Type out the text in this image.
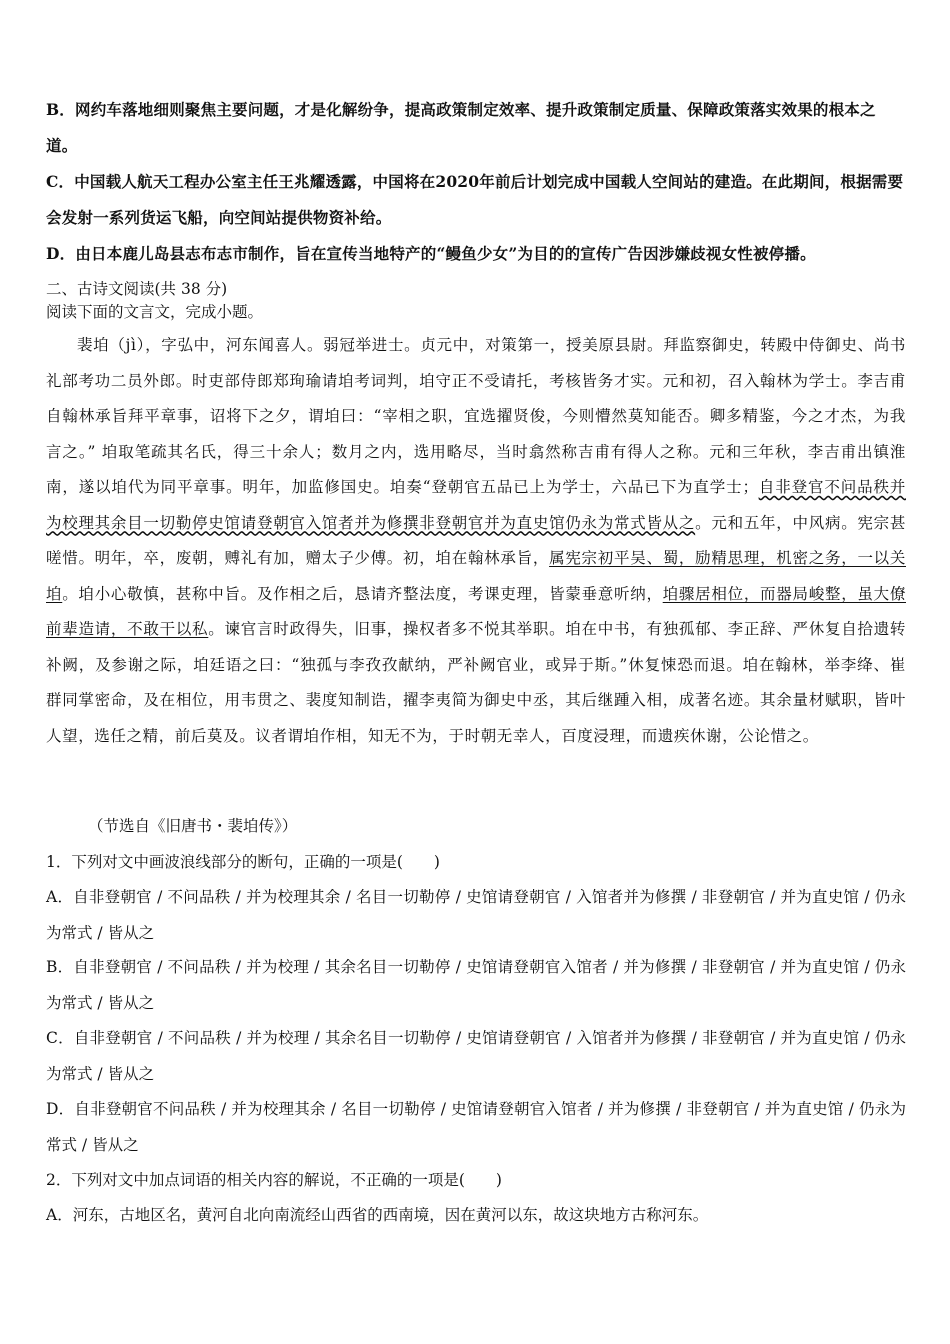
B．网约车落地细则聚焦主要问题，才是化解纷争，提高政策制定效率、提升政策制定质量、保障政策落实效果的根本之道。
C．中国载人航天工程办公室主任王兆耀透露，中国将在2020年前后计划完成中国载人空间站的建造。在此期间，根据需要会发射一系列货运飞船，向空间站提供物资补给。
D．由日本鹿儿岛县志布志市制作，旨在宣传当地特产的“鳗鱼少女”为目的的宣传广告因涉嫌歧视女性被停播。
二、古诗文阅读(共 38 分)
阅读下面的文言文，完成小题。
裴垍（jì），字弘中，河东闻喜人。弱冠举进士。贞元中，对策第一，授美原县尉。拜监察御史，转殿中侍御史、尚书礼部考功二员外郎。时吏部侍郎郑珣瑜请垍考词判，垍守正不受请托，考核皆务才实。元和初，召入翰林为学士。李吉甫自翰林承旨拜平章事，诏将下之夕，谓垍曰：“宰相之职，宜选擢贤俊，今则懵然莫知能否。卿多精鉴，今之才杰，为我言之。” 垍取笔疏其名氏，得三十余人；数月之内，选用略尽，当时翕然称吉甫有得人之称。元和三年秋，李吉甫出镇淮南，遂以垍代为同平章事。明年，加监修国史。垍奏“登朝官五品已上为学士，六品已下为直学士；自非登官不问品秩并为校理其余目一切勒停史馆请登朝官入馆者并为修撰非登朝官并为直史馆仍永为常式皆从之。元和五年，中风病。宪宗甚嗟惜。明年，卒，废朝，赙礼有加，赠太子少傅。初，垍在翰林承旨，属宪宗初平吴、蜀，励精思理，机密之务，一以关垍。垍小心敬慎，甚称中旨。及作相之后，恳请齐整法度，考课吏理，皆蒙垂意听纳，垍骤居相位，而器局峻整，虽大僚前辈造请，不敢干以私。谏官言时政得失，旧事，操权者多不悦其举职。垍在中书，有独孤郁、李正辞、严休复自拾遗转补阙，及参谢之际，垍廷语之曰：“独孤与李孜孜献纳，严补阙官业，或异于斯。”休复悚恐而退。垍在翰林，举李绛、崔群同掌密命，及在相位，用韦贯之、裴度知制诰，擢李夷简为御史中丞，其后继踵入相，成著名迹。其余量材赋职，皆叶人望，选任之精，前后莫及。议者谓垍作相，知无不为，于时朝无幸人，百度浸理，而遗疾休谢，公论惜之。
（节选自《旧唐书・裴垍传》）
1．下列对文中画波浪线部分的断句，正确的一项是(　　)
A．自非登朝官 / 不问品秩 / 并为校理其余 / 名目一切勒停 / 史馆请登朝官 / 入馆者并为修撰 / 非登朝官 / 并为直史馆 / 仍永为常式 / 皆从之
B．自非登朝官 / 不问品秩 / 并为校理 / 其余名目一切勒停 / 史馆请登朝官入馆者 / 并为修撰 / 非登朝官 / 并为直史馆 / 仍永为常式 / 皆从之
C．自非登朝官 / 不问品秩 / 并为校理 / 其余名目一切勒停 / 史馆请登朝官 / 入馆者并为修撰 / 非登朝官 / 并为直史馆 / 仍永为常式 / 皆从之
D．自非登朝官不问品秩 / 并为校理其余 / 名目一切勒停 / 史馆请登朝官入馆者 / 并为修撰 / 非登朝官 / 并为直史馆 / 仍永为常式 / 皆从之
2．下列对文中加点词语的相关内容的解说，不正确的一项是(　　)
A．河东，古地区名，黄河自北向南流经山西省的西南境，因在黄河以东，故这块地方古称河东。
